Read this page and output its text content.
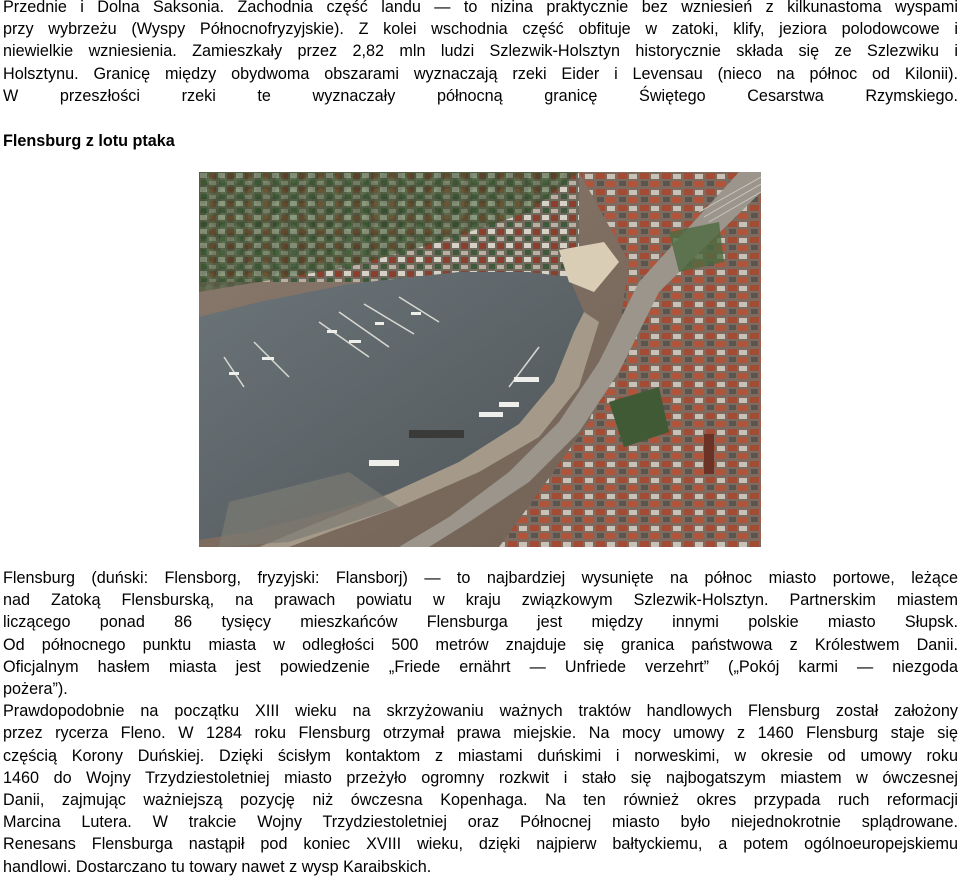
Przednie i Dolna Saksonia. Zachodnia część landu — to nizina praktycznie bez wzniesień z kilkunastoma wyspami
przy wybrzeżu (Wyspy Północnofryzyjskie). Z kolei wschodnia część obfituje w zatoki, klify, jeziora polodowcowe i
niewielkie wzniesienia. Zamieszkały przez 2,82 mln ludzi Szlezwik-Holsztyn historycznie składa się ze Szlezwiku i
Holsztynu. Granicę między obydwoma obszarami wyznaczają rzeki Eider i Levensau (nieco na północ od Kilonii).
W przeszłości rzeki te wyznaczały północną granicę Świętego Cesarstwa Rzymskiego.

Flensburg z lotu ptaka

Flensburg (duński: Flensborg, fryzyjski: Flansborj) — to najbardziej wysunięte na północ miasto portowe, leżące
nad Zatoką Flensburską, na prawach powiatu w kraju związkowym Szlezwik-Holsztyn. Partnerskim miastem
liczącego ponad 86 tysięcy mieszkańców Flensburga jest między innymi polskie miasto Słupsk.
Od północnego punktu miasta w odległości 500 metrów znajduje się granica państwowa z Królestwem Danii.
Oficjalnym hasłem miasta jest powiedzenie „Friede ernährt — Unfriede verzehrt” („Pokój karmi — niezgoda
pożera”).
Prawdopodobnie na początku XIII wieku na skrzyżowaniu ważnych traktów handlowych Flensburg został założony
przez rycerza Fleno. W 1284 roku Flensburg otrzymał prawa miejskie. Na mocy umowy z 1460 Flensburg staje się
częścią Korony Duńskiej. Dzięki ścisłym kontaktom z miastami duńskimi i norweskimi, w okresie od umowy roku
1460 do Wojny Trzydziestoletniej miasto przeżyło ogromny rozkwit i stało się najbogatszym miastem w ówczesnej
Danii, zajmując ważniejszą pozycję niż ówczesna Kopenhaga. Na ten również okres przypada ruch reformacji
Marcina Lutera. W trakcie Wojny Trzydziestoletniej oraz Północnej miasto było niejednokrotnie splądrowane.
Renesans Flensburga nastąpił pod koniec XVIII wieku, dzięki najpierw bałtyckiemu, a potem ogólnoeuropejskiemu
handlowi. Dostarczano tu towary nawet z wysp Karaibskich.
